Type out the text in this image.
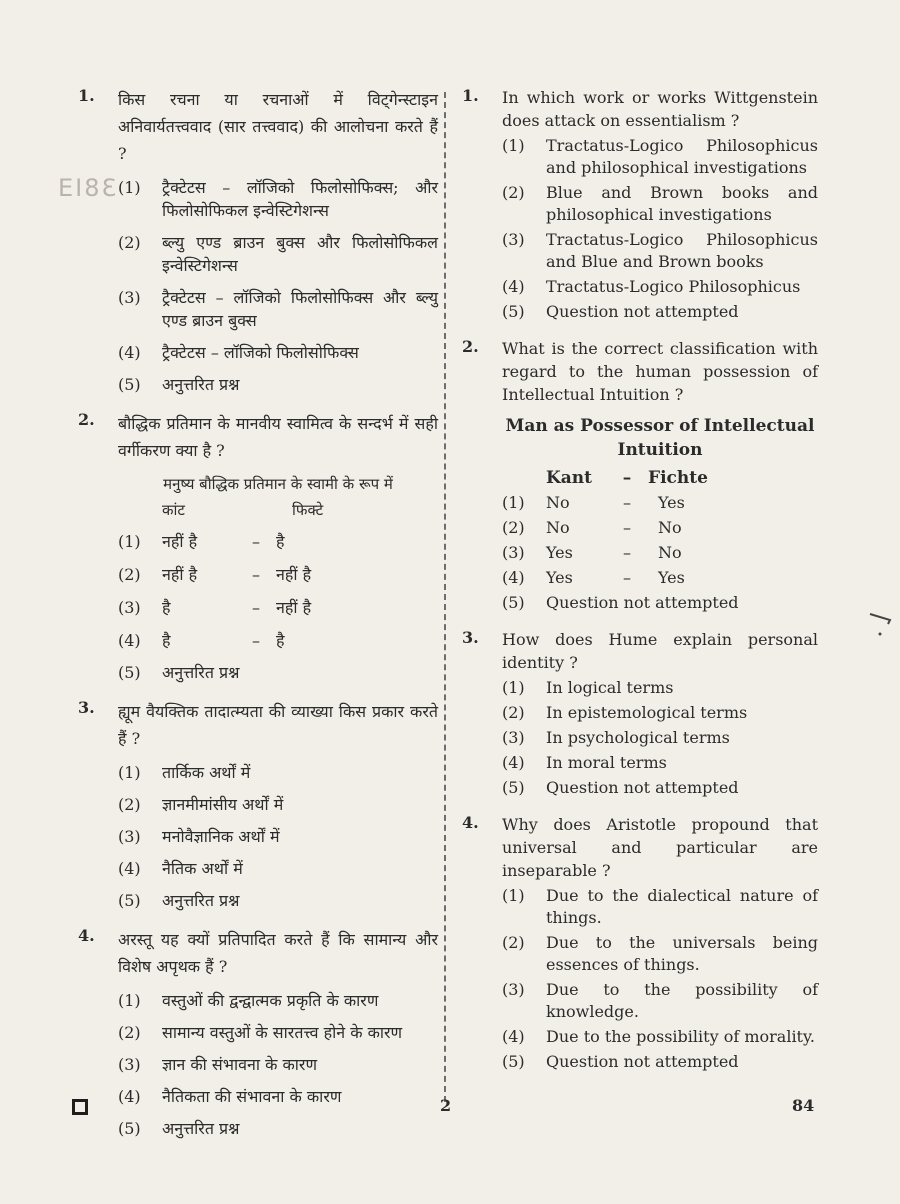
EI8Ɛ
1. किस रचना या रचनाओं में विट्गेन्स्टाइन अनिवार्यतत्त्ववाद (सार तत्त्ववाद) की आलोचना करते हैं ?
(1) ट्रैक्टेटस – लॉजिको फिलोसोफिक्स; और फिलोसोफिकल इन्वेस्टिगेशन्स
(2) ब्ल्यु एण्ड ब्राउन बुक्स और फिलोसोफिकल इन्वेस्टिगेशन्स
(3) ट्रैक्टेटस – लॉजिको फिलोसोफिक्स और ब्ल्यु एण्ड ब्राउन बुक्स
(4) ट्रैक्टेटस – लॉजिको फिलोसोफिक्स
(5) अनुत्तरित प्रश्न
2. बौद्धिक प्रतिमान के मानवीय स्वामित्व के सन्दर्भ में सही वर्गीकरण क्या है ?
मनुष्य बौद्धिक प्रतिमान के स्वामी के रूप में
कांट	फिक्टे
(1)	नहीं है	–	है
(2)	नहीं है	–	नहीं है
(3)	है	–	नहीं है
(4)	है	–	है
(5) अनुत्तरित प्रश्न
3. ह्यूम वैयक्तिक तादात्म्यता की व्याख्या किस प्रकार करते हैं ?
(1) तार्किक अर्थों में
(2) ज्ञानमीमांसीय अर्थों में
(3) मनोवैज्ञानिक अर्थों में
(4) नैतिक अर्थों में
(5) अनुत्तरित प्रश्न
4. अरस्तू यह क्यों प्रतिपादित करते हैं कि सामान्य और विशेष अपृथक हैं ?
(1) वस्तुओं की द्वन्द्वात्मक प्रकृति के कारण
(2) सामान्य वस्तुओं के सारतत्त्व होने के कारण
(3) ज्ञान की संभावना के कारण
(4) नैतिकता की संभावना के कारण
(5) अनुत्तरित प्रश्न
1. In which work or works Wittgenstein does attack on essentialism ?
(1) Tractatus-Logico Philosophicus and philosophical investigations
(2) Blue and Brown books and philosophical investigations
(3) Tractatus-Logico Philosophicus and Blue and Brown books
(4) Tractatus-Logico Philosophicus
(5) Question not attempted
2. What is the correct classification with regard to the human possession of Intellectual Intuition ?
Man as Possessor of Intellectual Intuition
Kant	– Fichte
(1)	No	–	Yes
(2)	No	–	No
(3)	Yes	–	No
(4)	Yes	–	Yes
(5) Question not attempted
3. How does Hume explain personal identity ?
(1) In logical terms
(2) In epistemological terms
(3) In psychological terms
(4) In moral terms
(5) Question not attempted
4. Why does Aristotle propound that universal and particular are inseparable ?
(1) Due to the dialectical nature of things.
(2) Due to the universals being essences of things.
(3) Due to the possibility of knowledge.
(4) Due to the possibility of morality.
(5) Question not attempted
2	84
